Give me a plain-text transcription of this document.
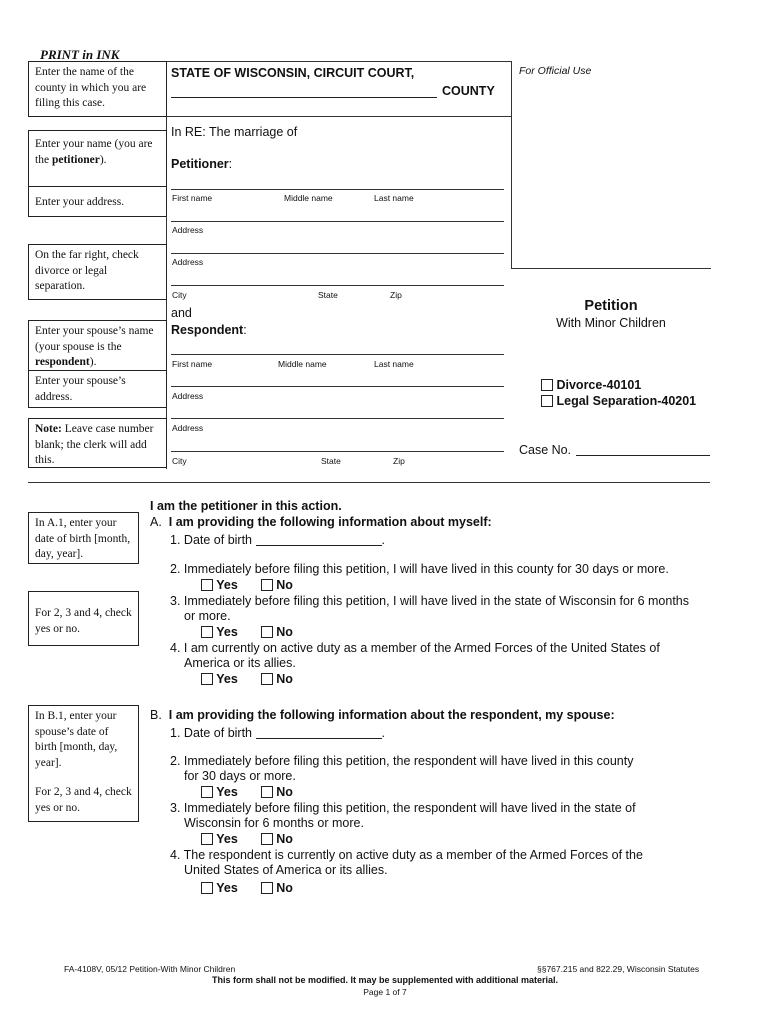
PRINT in INK
STATE OF WISCONSIN, CIRCUIT COURT,
COUNTY
For Official Use
Enter the name of the county in which you are filing this case.
Enter your name (you are the petitioner).
Enter your address.
On the far right, check divorce or legal separation.
Enter your spouse’s name (your spouse is the respondent).
Enter your spouse’s address.
Note: Leave case number blank; the clerk will add this.
In RE: The marriage of
Petitioner:
First name	Middle name	Last name
Address
Address
City	State	Zip
and
Respondent:
First name	Middle name	Last name
Address
Address
City	State	Zip
Petition
With Minor Children
Divorce-40101
Legal Separation-40201
Case No.
In A.1, enter your date of birth [month, day, year].
For 2, 3 and 4, check yes or no.
In B.1, enter your spouse’s date of birth [month, day, year].
For 2, 3 and 4, check yes or no.
I am the petitioner in this action.
A. I am providing the following information about myself:
1. Date of birth	.
2. Immediately before filing this petition, I will have lived in this county for 30 days or more.
Yes	No
3. Immediately before filing this petition, I will have lived in the state of Wisconsin for 6 months
or more.
Yes	No
4. I am currently on active duty as a member of the Armed Forces of the United States of
America or its allies.
Yes	No
B. I am providing the following information about the respondent, my spouse:
1. Date of birth	.
2. Immediately before filing this petition, the respondent will have lived in this county
for 30 days or more.
Yes	No
3. Immediately before filing this petition, the respondent will have lived in the state of
Wisconsin for 6 months or more.
Yes	No
4. The respondent is currently on active duty as a member of the Armed Forces of the
United States of America or its allies.
Yes	No
FA-4108V, 05/12 Petition-With Minor Children	§§767.215 and 822.29, Wisconsin Statutes
This form shall not be modified. It may be supplemented with additional material.
Page 1 of 7
